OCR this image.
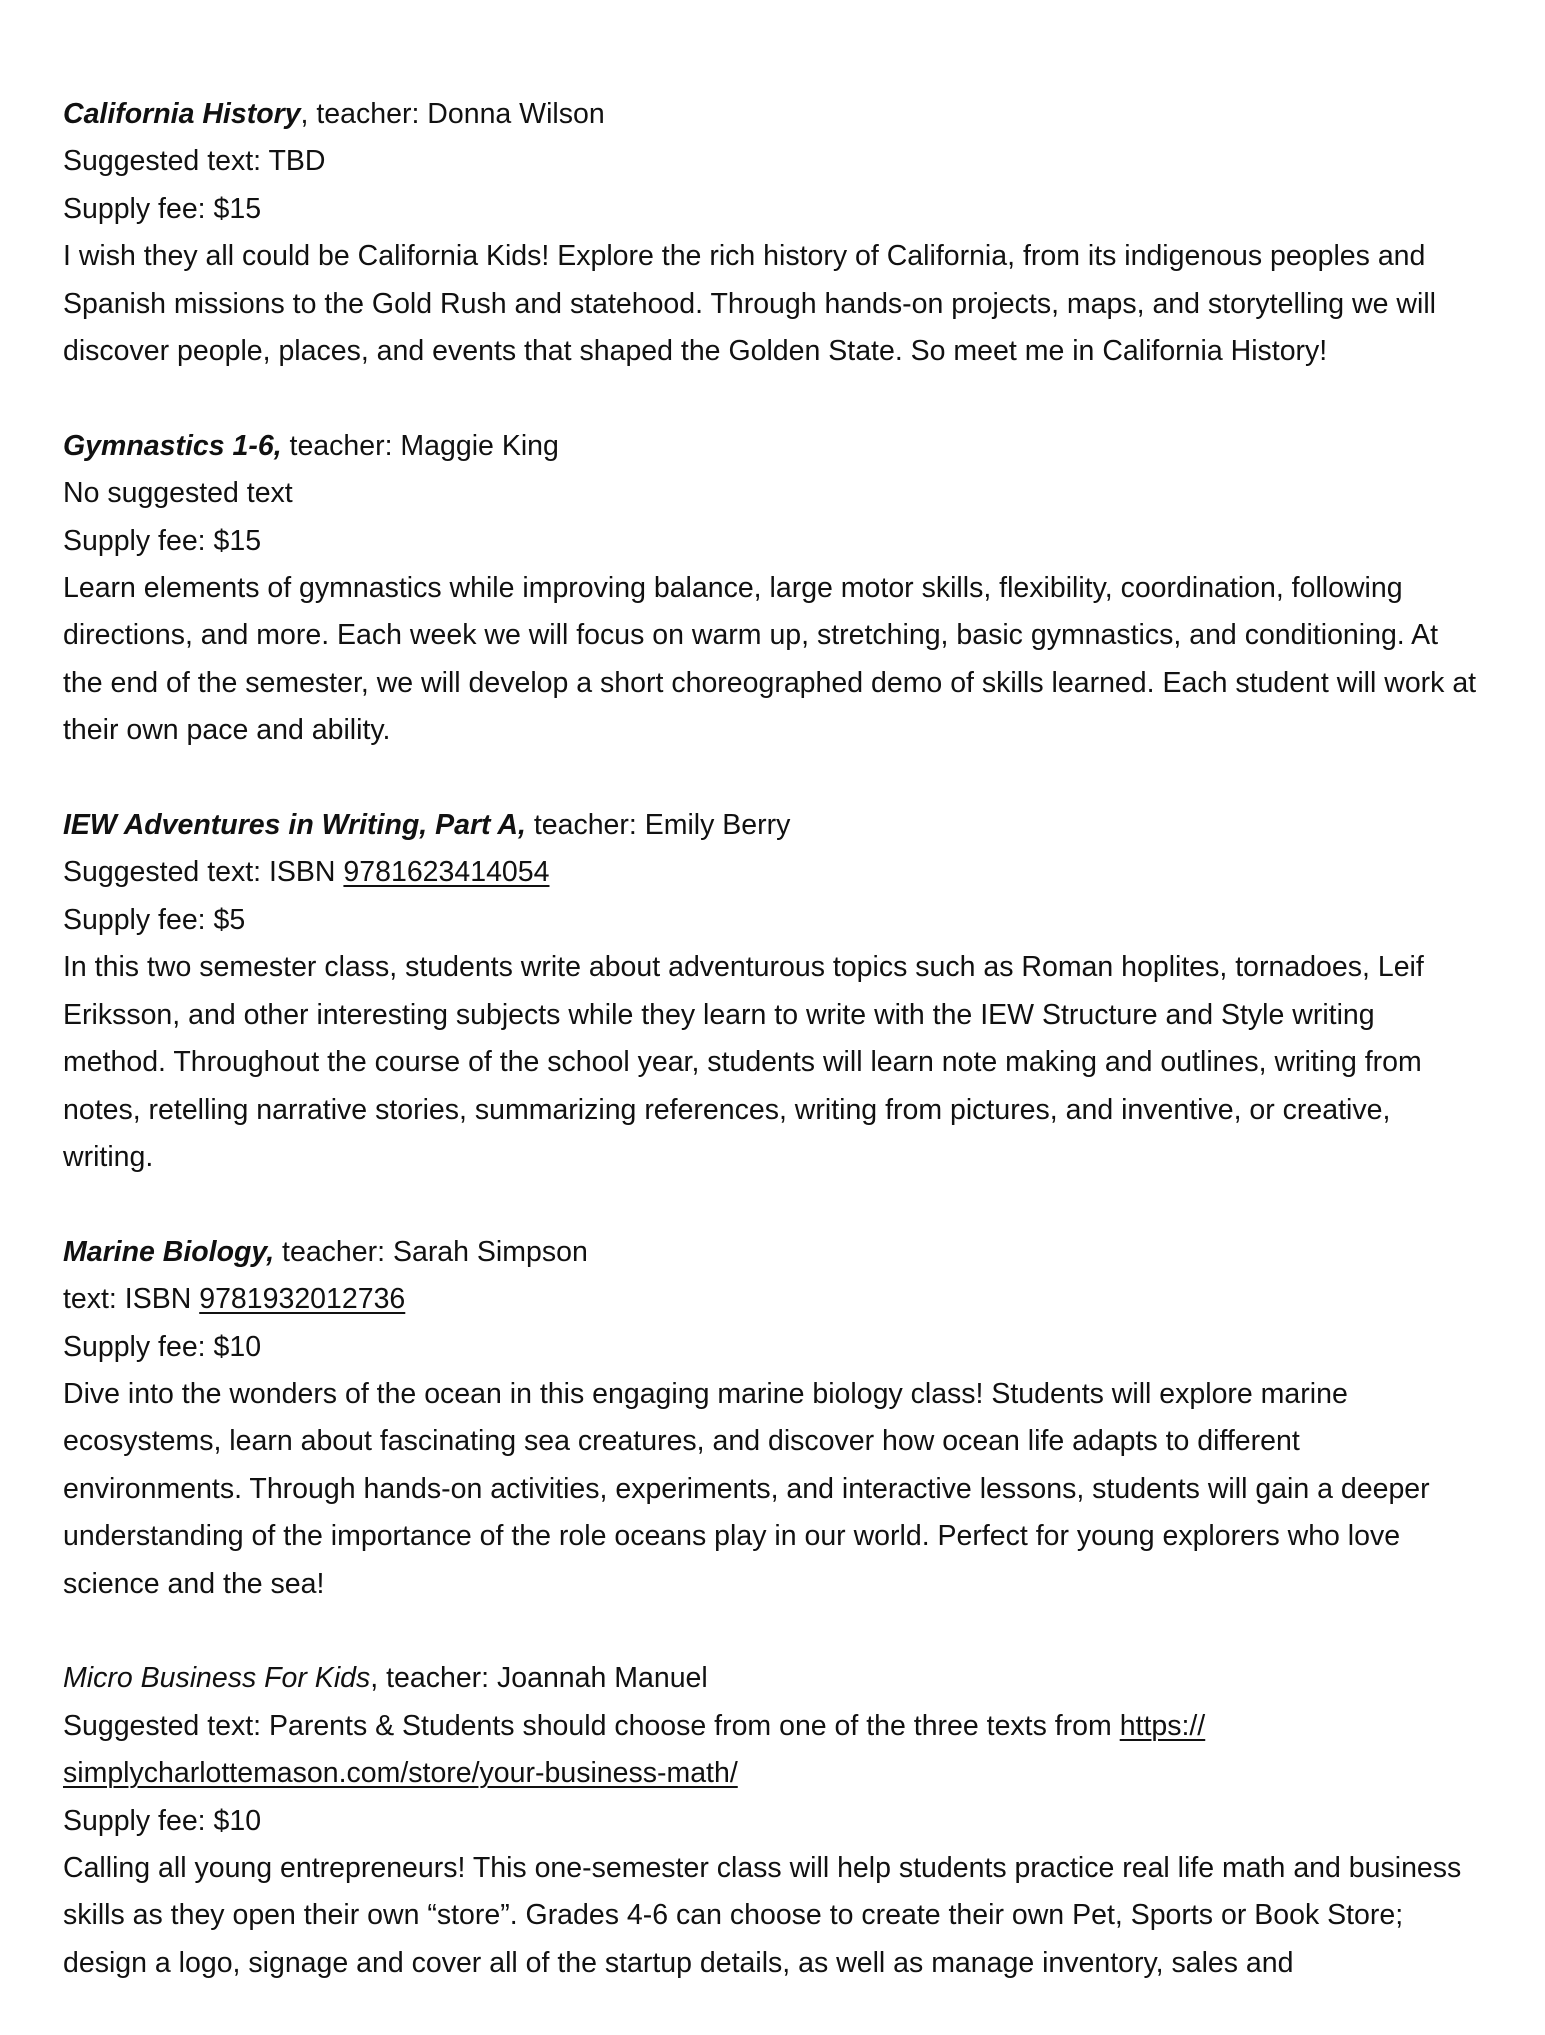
California History, teacher: Donna Wilson
Suggested text: TBD
Supply fee: $15
I wish they all could be California Kids! Explore the rich history of California, from its indigenous peoples and Spanish missions to the Gold Rush and statehood. Through hands-on projects, maps, and storytelling we will discover people, places, and events that shaped the Golden State. So meet me in California History!
Gymnastics 1-6, teacher: Maggie King
No suggested text
Supply fee: $15
Learn elements of gymnastics while improving balance, large motor skills, flexibility, coordination, following directions, and more. Each week we will focus on warm up, stretching, basic gymnastics, and conditioning. At the end of the semester, we will develop a short choreographed demo of skills learned. Each student will work at their own pace and ability.
IEW Adventures in Writing, Part A, teacher: Emily Berry
Suggested text: ISBN 9781623414054
Supply fee: $5
In this two semester class, students write about adventurous topics such as Roman hoplites, tornadoes, Leif Eriksson, and other interesting subjects while they learn to write with the IEW Structure and Style writing method. Throughout the course of the school year, students will learn note making and outlines, writing from notes, retelling narrative stories, summarizing references, writing from pictures, and inventive, or creative, writing.
Marine Biology, teacher: Sarah Simpson
text: ISBN 9781932012736
Supply fee: $10
Dive into the wonders of the ocean in this engaging marine biology class! Students will explore marine ecosystems, learn about fascinating sea creatures, and discover how ocean life adapts to different environments. Through hands-on activities, experiments, and interactive lessons, students will gain a deeper understanding of the importance of the role oceans play in our world. Perfect for young explorers who love science and the sea!
Micro Business For Kids, teacher: Joannah Manuel
Suggested text: Parents & Students should choose from one of the three texts from https://
simplycharlottemason.com/store/your-business-math/
Supply fee: $10
Calling all young entrepreneurs! This one-semester class will help students practice real life math and business skills as they open their own “store”. Grades 4-6 can choose to create their own Pet, Sports or Book Store; design a logo, signage and cover all of the startup details, as well as manage inventory, sales and
